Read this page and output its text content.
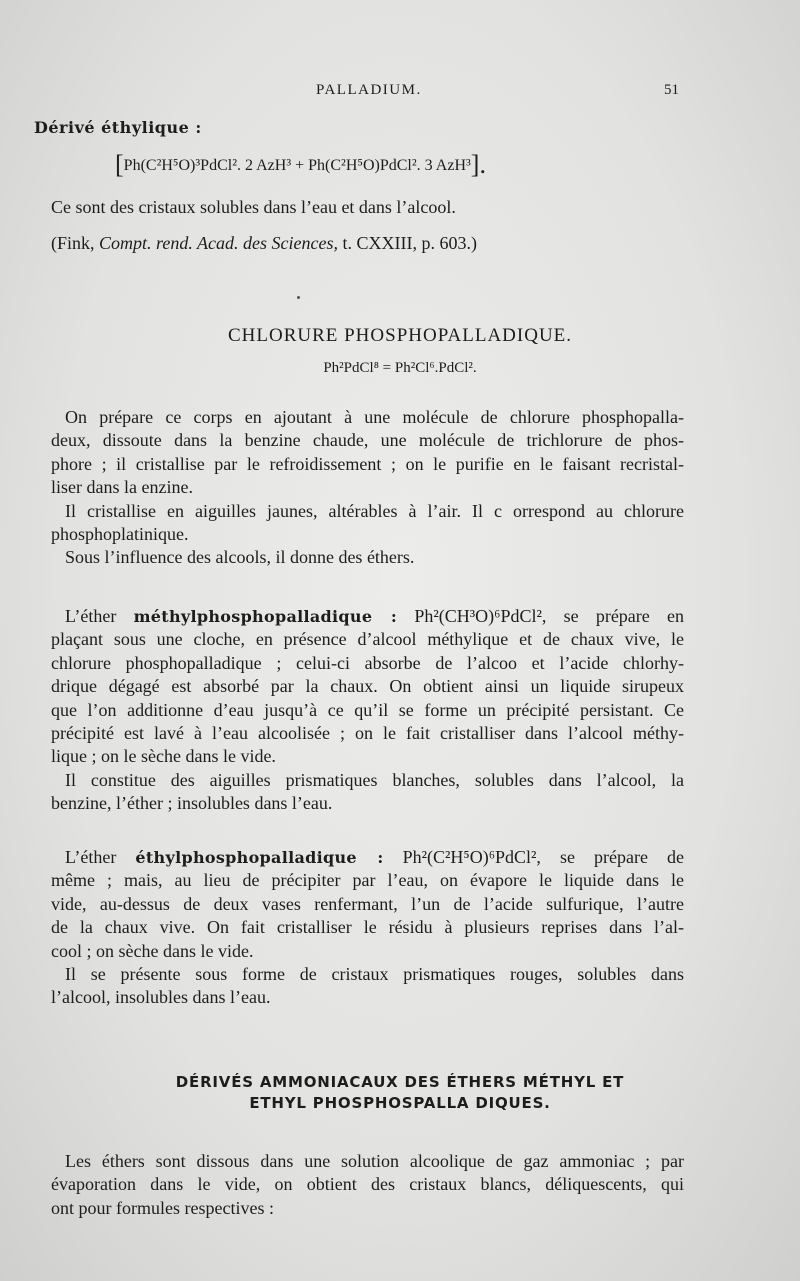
PALLADIUM.	51
Dérivé éthylique :
[Ph(C²H⁵O)³PdCl². 2 AzH³ + Ph(C²H⁵O)PdCl². 3 AzH³].
Ce sont des cristaux solubles dans l’eau et dans l’alcool.
(Fink, Compt. rend. Acad. des Sciences, t. CXXIII, p. 603.)
CHLORURE PHOSPHOPALLADIQUE.
Ph²PdCl⁸ = Ph²Cl⁶.PdCl².
On prépare ce corps en ajoutant à une molécule de chlorure phosphopalla-
deux, dissoute dans la benzine chaude, une molécule de trichlorure de phos-
phore ; il cristallise par le refroidissement ; on le purifie en le faisant recristal-
liser dans la enzine.
Il cristallise en aiguilles jaunes, altérables à l’air. Il c orrespond au chlorure
phosphoplatinique.
Sous l’influence des alcools, il donne des éthers.
L’éther méthylphosphopalladique : Ph²(CH³O)⁶PdCl², se prépare en
plaçant sous une cloche, en présence d’alcool méthylique et de chaux vive, le
chlorure phosphopalladique ; celui-ci absorbe de l’alcoo et l’acide chlorhy-
drique dégagé est absorbé par la chaux. On obtient ainsi un liquide sirupeux
que l’on additionne d’eau jusqu’à ce qu’il se forme un précipité persistant. Ce
précipité est lavé à l’eau alcoolisée ; on le fait cristalliser dans l’alcool méthy-
lique ; on le sèche dans le vide.
Il constitue des aiguilles prismatiques blanches, solubles dans l’alcool, la
benzine, l’éther ; insolubles dans l’eau.
L’éther éthylphosphopalladique : Ph²(C²H⁵O)⁶PdCl², se prépare de
même ; mais, au lieu de précipiter par l’eau, on évapore le liquide dans le
vide, au-dessus de deux vases renfermant, l’un de l’acide sulfurique, l’autre
de la chaux vive. On fait cristalliser le résidu à plusieurs reprises dans l’al-
cool ; on sèche dans le vide.
Il se présente sous forme de cristaux prismatiques rouges, solubles dans
l’alcool, insolubles dans l’eau.
DÉRIVÉS AMMONIACAUX DES ÉTHERS MÉTHYL ET
ETHYL PHOSPHOSPALLA DIQUES.
Les éthers sont dissous dans une solution alcoolique de gaz ammoniac ; par
évaporation dans le vide, on obtient des cristaux blancs, déliquescents, qui
ont pour formules respectives :
